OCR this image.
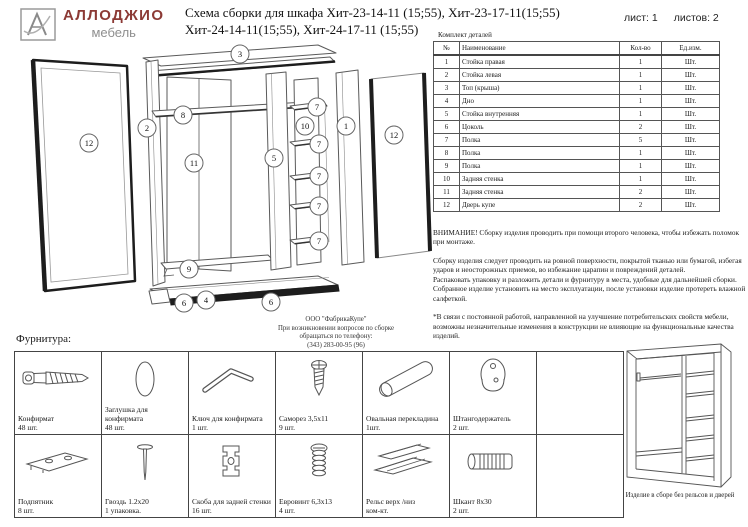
АЛЛОДЖИО
мебель
Схема сборки для шкафа Хит-23-14-11 (15;55), Хит-23-17-11(15;55)
Хит-24-14-11(15;55), Хит-24-17-11 (15;55)
лист: 1 листов: 2
Комплект деталей
№	Наименование	Кол-во	Ед.изм.
1	Стойка правая	1	Шт.
2	Стойка левая	1	Шт.
3	Топ (крыша)	1	Шт.
4	Дно	1	Шт.
5	Стойка внутренняя	1	Шт.
6	Цоколь	2	Шт.
7	Полка	5	Шт.
8	Полка	1	Шт.
9	Полка	1	Шт.
10	Задняя стенка	1	Шт.
11	Задняя стенка	2	Шт.
12	Дверь купе	2	Шт.

ВНИМАНИЕ! Сборку изделия проводить при помощи второго человека, чтобы избежать поломок при монтаже.

Сборку изделия следует проводить на ровной поверхности, покрытой тканью или бумагой, избегая ударов и неосторожных приемов, во избежание царапин и повреждений деталей.

Распаковать упаковку и разложить детали и фурнитуру в места, удобные для дальнейшей сборки.

Собранное изделие установить на место эксплуатации, после установки изделие протереть влажной салфеткой.

*В связи с постоянной работой, направленной на улучшение потребительских свойств мебели, возможны незначительные изменения в конструкции не влияющие на функциональные качества изделий.

12
2
8
11
9
3
5
10
7
7
7
7
7
1
12
6 4	6
ООО "ФабрикаКупе"
При возникновении вопросов по сборке
обращаться по телефону:
(343) 283-00-95 (96)
Фурнитура:
Конфирмат
48 шт.

Заглушка для конфирмата
48 шт.

Ключ для конфирмата
1 шт.

Саморез 3,5х11
9 шт.

Овальная перекладина
1шт.

Штангодержатель
2 шт.

Подпятник
8 шт.

Гвоздь 1.2х20
1 упаковка.

Скоба для задней стенки
16 шт.

Евровинт 6,3х13
4 шт.

Рельс верх /низ
ком-кт.

Шкант 8х30
2 шт.

Изделие в сборе без рельсов и дверей
